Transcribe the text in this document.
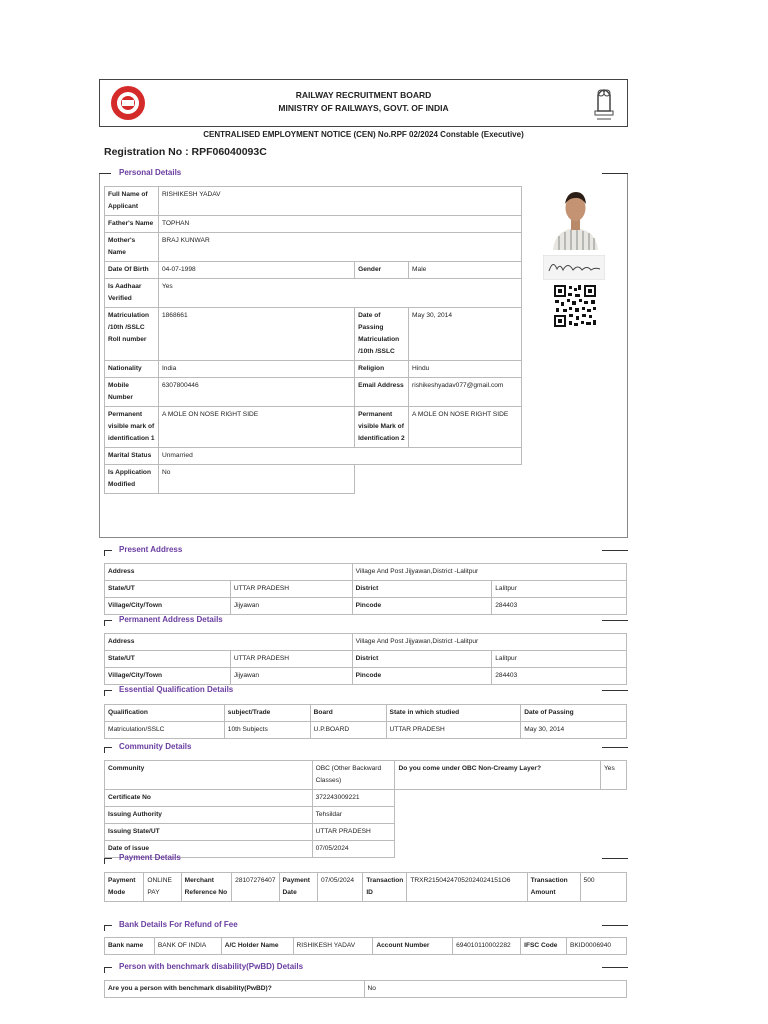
RAILWAY RECRUITMENT BOARD
MINISTRY OF RAILWAYS, GOVT. OF INDIA
CENTRALISED EMPLOYMENT NOTICE (CEN) No.RPF 02/2024 Constable (Executive)
Registration No : RPF06040093C
Personal Details
Full Name of Applicant	RISHIKESH YADAV		
Father's Name	TOPHAN		
Mother's Name	BRAJ KUNWAR		
Date Of Birth	04-07-1998	Gender	Male
Is Aadhaar Verified	Yes		
Matriculation /10th /SSLC Roll number	1868661	Date of Passing Matriculation /10th /SSLC	May 30, 2014
Nationality	India	Religion	Hindu
Mobile Number	6307800446	Email Address	rishikeshyadav077@gmail.com
Permanent visible mark of identification 1	A MOLE ON NOSE RIGHT SIDE	Permanent visible Mark of Identification 2	A MOLE ON NOSE RIGHT SIDE
Marital Status	Unmarried		
Is Application Modified	No		
Present Address
Address		Village And Post Jijyawan,District -Lalitpur	
State/UT	UTTAR PRADESH	District	Lalitpur
Village/City/Town	Jijyawan	Pincode	284403
Permanent Address Details
Address		Village And Post Jijyawan,District -Lalitpur	
State/UT	UTTAR PRADESH	District	Lalitpur
Village/City/Town	Jijyawan	Pincode	284403
Essential Qualification Details
Qualification	subject/Trade	Board	State in which studied	Date of Passing
Matriculation/SSLC	10th Subjects	U.P.BOARD	UTTAR PRADESH	May 30, 2014
Community Details
Community	OBC (Other Backward Classes)	Do you come under OBC Non-Creamy Layer?	Yes
Certificate No	372243009221		
Issuing Authority	Tehsildar		
Issuing State/UT	UTTAR PRADESH		
Date of issue	07/05/2024		
Payment Details
Payment Mode	ONLINE PAY	Merchant Reference No	28107276407	Payment Date	07/05/2024	Transaction ID	TRXR21504247052024024151O6	Transaction Amount	500
Bank Details For Refund of Fee
Bank name	BANK OF INDIA	A/C Holder Name	RISHIKESH YADAV	Account Number	694010110002282	IFSC Code	BKID0006940
Person with benchmark disability(PwBD) Details
Are you a person with benchmark disability(PwBD)?	No
